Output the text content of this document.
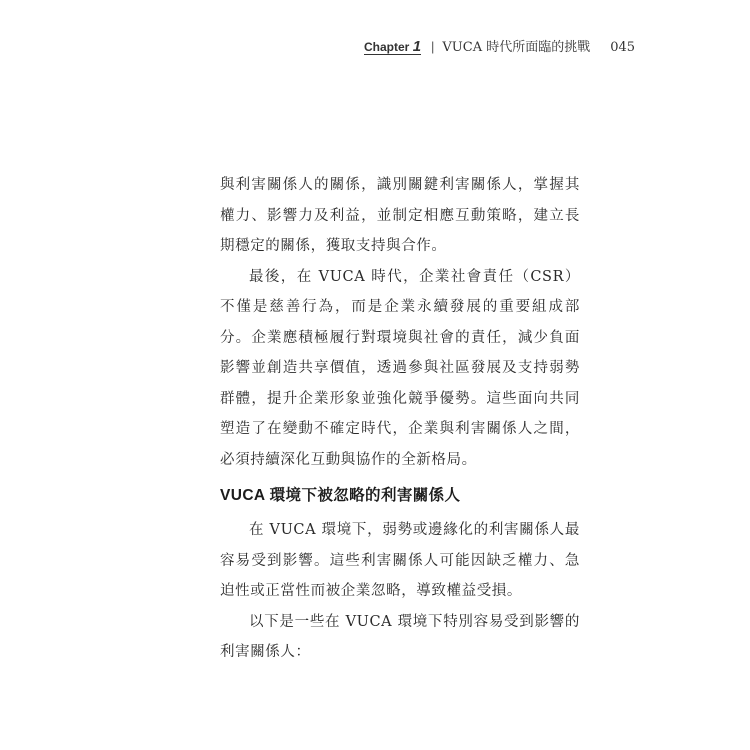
Chapter 1 | VUCA 時代所面臨的挑戰 045

與利害關係人的關係，識別關鍵利害關係人，掌握其權力、影響力及利益，並制定相應互動策略，建立長期穩定的關係，獲取支持與合作。

最後，在 VUCA 時代，企業社會責任（CSR）不僅是慈善行為，而是企業永續發展的重要組成部分。企業應積極履行對環境與社會的責任，減少負面影響並創造共享價值，透過參與社區發展及支持弱勢群體，提升企業形象並強化競爭優勢。這些面向共同塑造了在變動不確定時代，企業與利害關係人之間，必須持續深化互動與協作的全新格局。

VUCA 環境下被忽略的利害關係人

在 VUCA 環境下，弱勢或邊緣化的利害關係人最容易受到影響。這些利害關係人可能因缺乏權力、急迫性或正當性而被企業忽略，導致權益受損。

以下是一些在 VUCA 環境下特別容易受到影響的利害關係人：
